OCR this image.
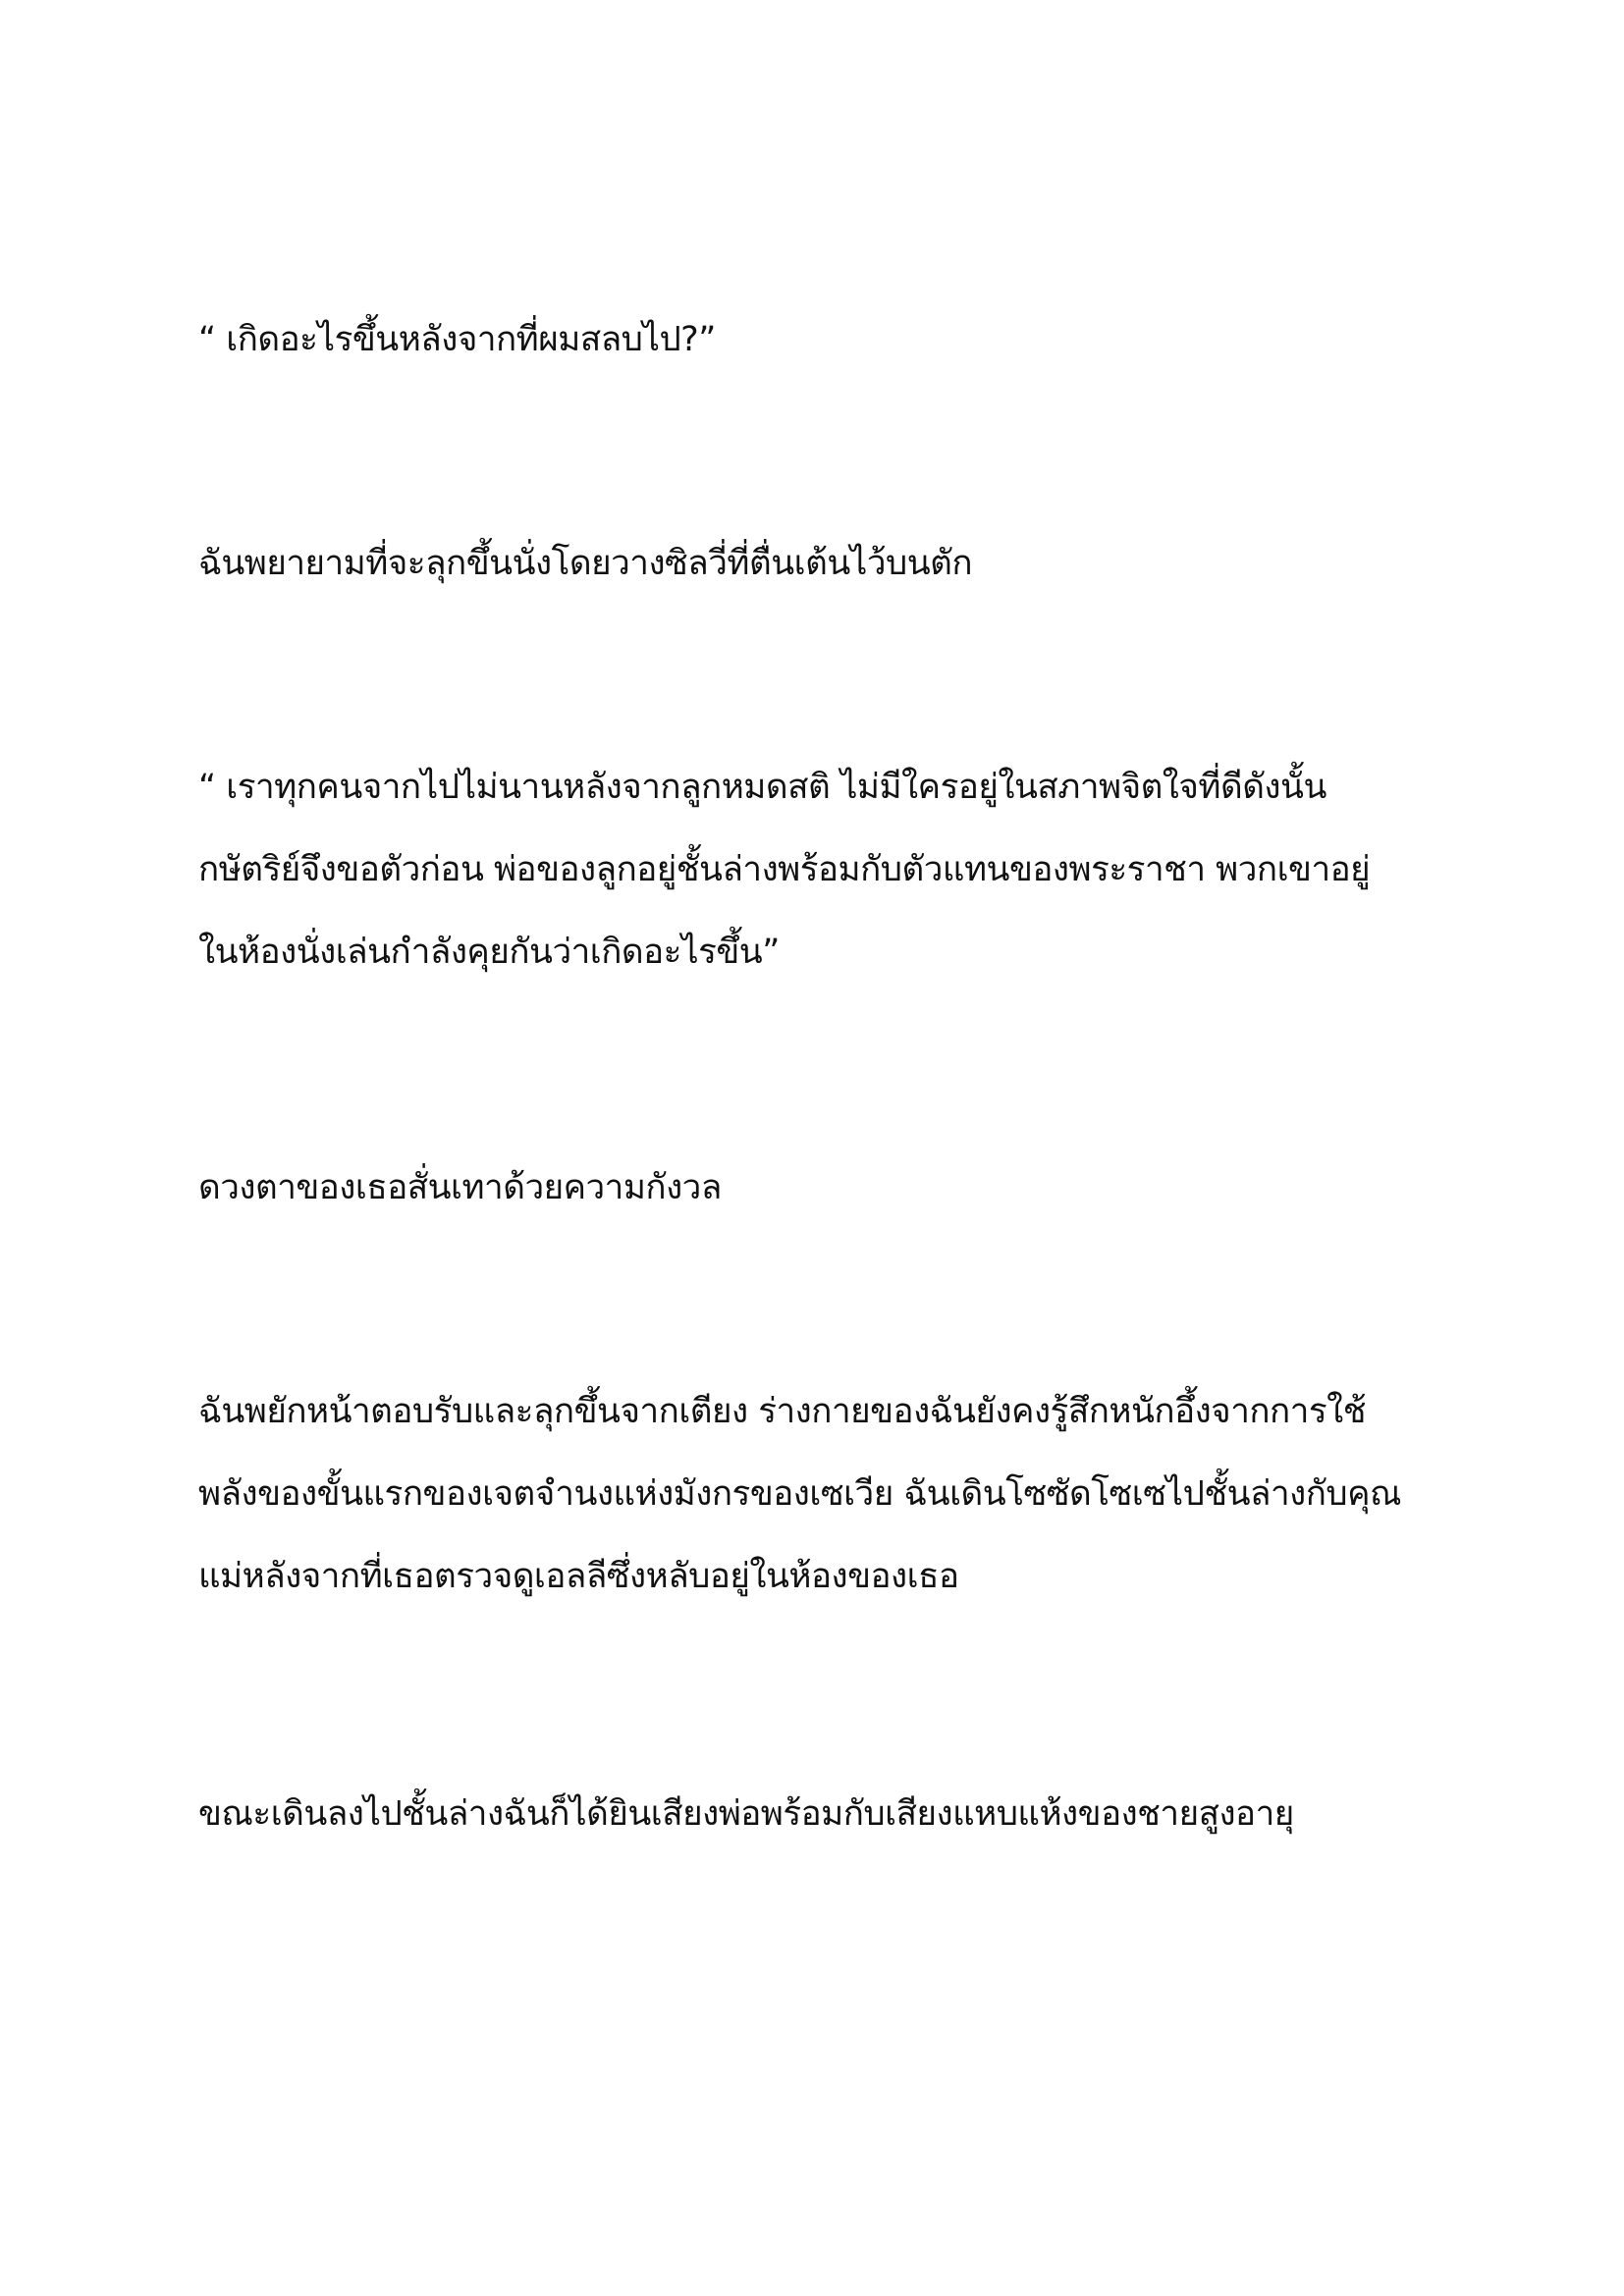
“ เกิดอะไรขึ้นหลังจากที่ผมสลบไป?”

ฉันพยายามที่จะลุกขึ้นนั่งโดยวางซิลวี่ที่ตื่นเต้นไว้บนตัก

“ เราทุกคนจากไปไม่นานหลังจากลูกหมดสติ ไม่มีใครอยู่ในสภาพจิตใจที่ดีดังนั้น
กษัตริย์จึงขอตัวก่อน พ่อของลูกอยู่ชั้นล่างพร้อมกับตัวแทนของพระราชา พวกเขาอยู่
ในห้องนั่งเล่นกำลังคุยกันว่าเกิดอะไรขึ้น”

ดวงตาของเธอสั่นเทาด้วยความกังวล

ฉันพยักหน้าตอบรับและลุกขึ้นจากเตียง ร่างกายของฉันยังคงรู้สึกหนักอึ้งจากการใช้
พลังของขั้นแรกของเจตจำนงแห่งมังกรของเซเวีย ฉันเดินโซซัดโซเซไปชั้นล่างกับคุณ
แม่หลังจากที่เธอตรวจดูเอลลีซึ่งหลับอยู่ในห้องของเธอ

ขณะเดินลงไปชั้นล่างฉันก็ได้ยินเสียงพ่อพร้อมกับเสียงแหบแห้งของชายสูงอายุ
